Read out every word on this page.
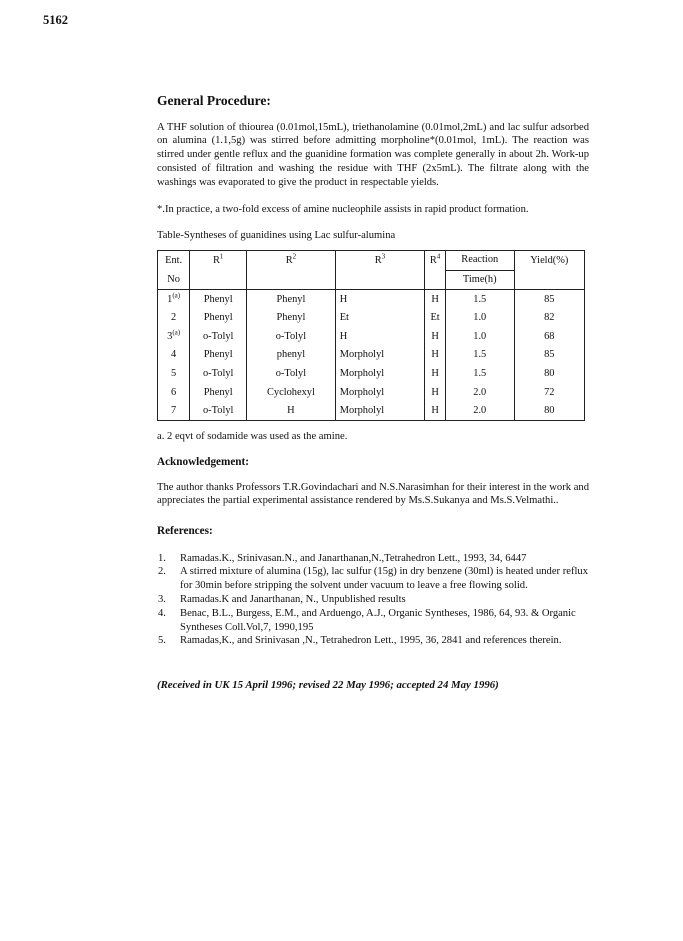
5162
General Procedure:

A THF solution of thiourea (0.01mol,15mL), triethanolamine (0.01mol,2mL) and lac sulfur adsorbed on alumina (1.1,5g) was stirred before admitting morpholine*(0.01mol, 1mL). The reaction was stirred under gentle reflux and the guanidine formation was complete generally in about 2h. Work-up consisted of filtration and washing the residue with THF (2x5mL). The filtrate along with the washings was evaporated to give the product in respectable yields.

*.In practice, a two-fold excess of amine nucleophile assists in rapid product formation.

Table-Syntheses of guanidines using Lac sulfur-alumina

Ent.	$R^1$	$R^2$	$R^3$	$R^4$	Reaction	Yield(%)
No					Time(h)	
1$^{(a)}$	Phenyl	Phenyl	H	H	1.5	85
2	Phenyl	Phenyl	Et	Et	1.0	82
3$^{(a)}$	o-Tolyl	o-Tolyl	H	H	1.0	68
4	Phenyl	phenyl	Morpholyl	H	1.5	85
5	o-Tolyl	o-Tolyl	Morpholyl	H	1.5	80
6	Phenyl	Cyclohexyl	Morpholyl	H	2.0	72
7	o-Tolyl	H	Morpholyl	H	2.0	80

a. 2 eqvt of sodamide was used as the amine.

Acknowledgement:

The author thanks Professors T.R.Govindachari and N.S.Narasimhan for their interest in the work and appreciates the partial experimental assistance rendered by Ms.S.Sukanya and Ms.S.Velmathi..

References:
1.	Ramadas.K., Srinivasan.N., and Janarthanan,N.,Tetrahedron Lett., 1993, 34, 6447
2.	A stirred mixture of alumina (15g), lac sulfur (15g) in dry benzene (30ml) is heated under reflux for 30min before stripping the solvent under vacuum to leave a free flowing solid.
3.	Ramadas.K and Janarthanan, N., Unpublished results
4.	Benac, B.L., Burgess, E.M., and Arduengo, A.J., Organic Syntheses, 1986, 64, 93. & Organic Syntheses Coll.Vol,7, 1990,195
5.	Ramadas,K., and Srinivasan ,N., Tetrahedron Lett., 1995, 36, 2841 and references therein.
(Received in UK 15 April 1996; revised 22 May 1996; accepted 24 May 1996)
